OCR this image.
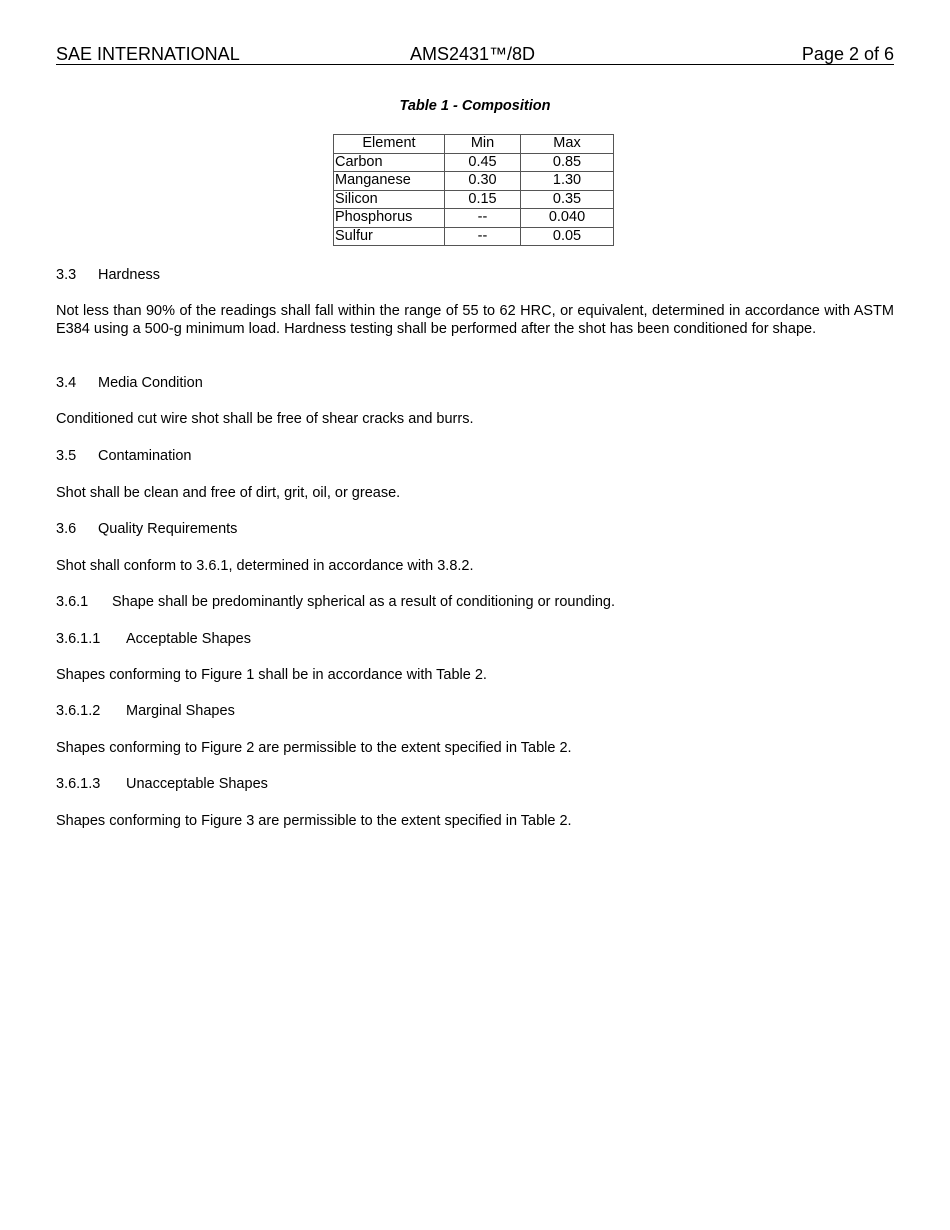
SAE INTERNATIONAL	AMS2431™/8D	Page 2 of 6
Table 1 - Composition
Element	Min	Max
Carbon	0.45	0.85
Manganese	0.30	1.30
Silicon	0.15	0.35
Phosphorus	--	0.040
Sulfur	--	0.05
3.3 Hardness
Not less than 90% of the readings shall fall within the range of 55 to 62 HRC, or equivalent, determined in accordance with ASTM E384 using a 500-g minimum load. Hardness testing shall be performed after the shot has been conditioned for shape.
3.4 Media Condition
Conditioned cut wire shot shall be free of shear cracks and burrs.
3.5 Contamination
Shot shall be clean and free of dirt, grit, oil, or grease.
3.6 Quality Requirements
Shot shall conform to 3.6.1, determined in accordance with 3.8.2.
3.6.1 Shape shall be predominantly spherical as a result of conditioning or rounding.
3.6.1.1 Acceptable Shapes
Shapes conforming to Figure 1 shall be in accordance with Table 2.
3.6.1.2 Marginal Shapes
Shapes conforming to Figure 2 are permissible to the extent specified in Table 2.
3.6.1.3 Unacceptable Shapes
Shapes conforming to Figure 3 are permissible to the extent specified in Table 2.
